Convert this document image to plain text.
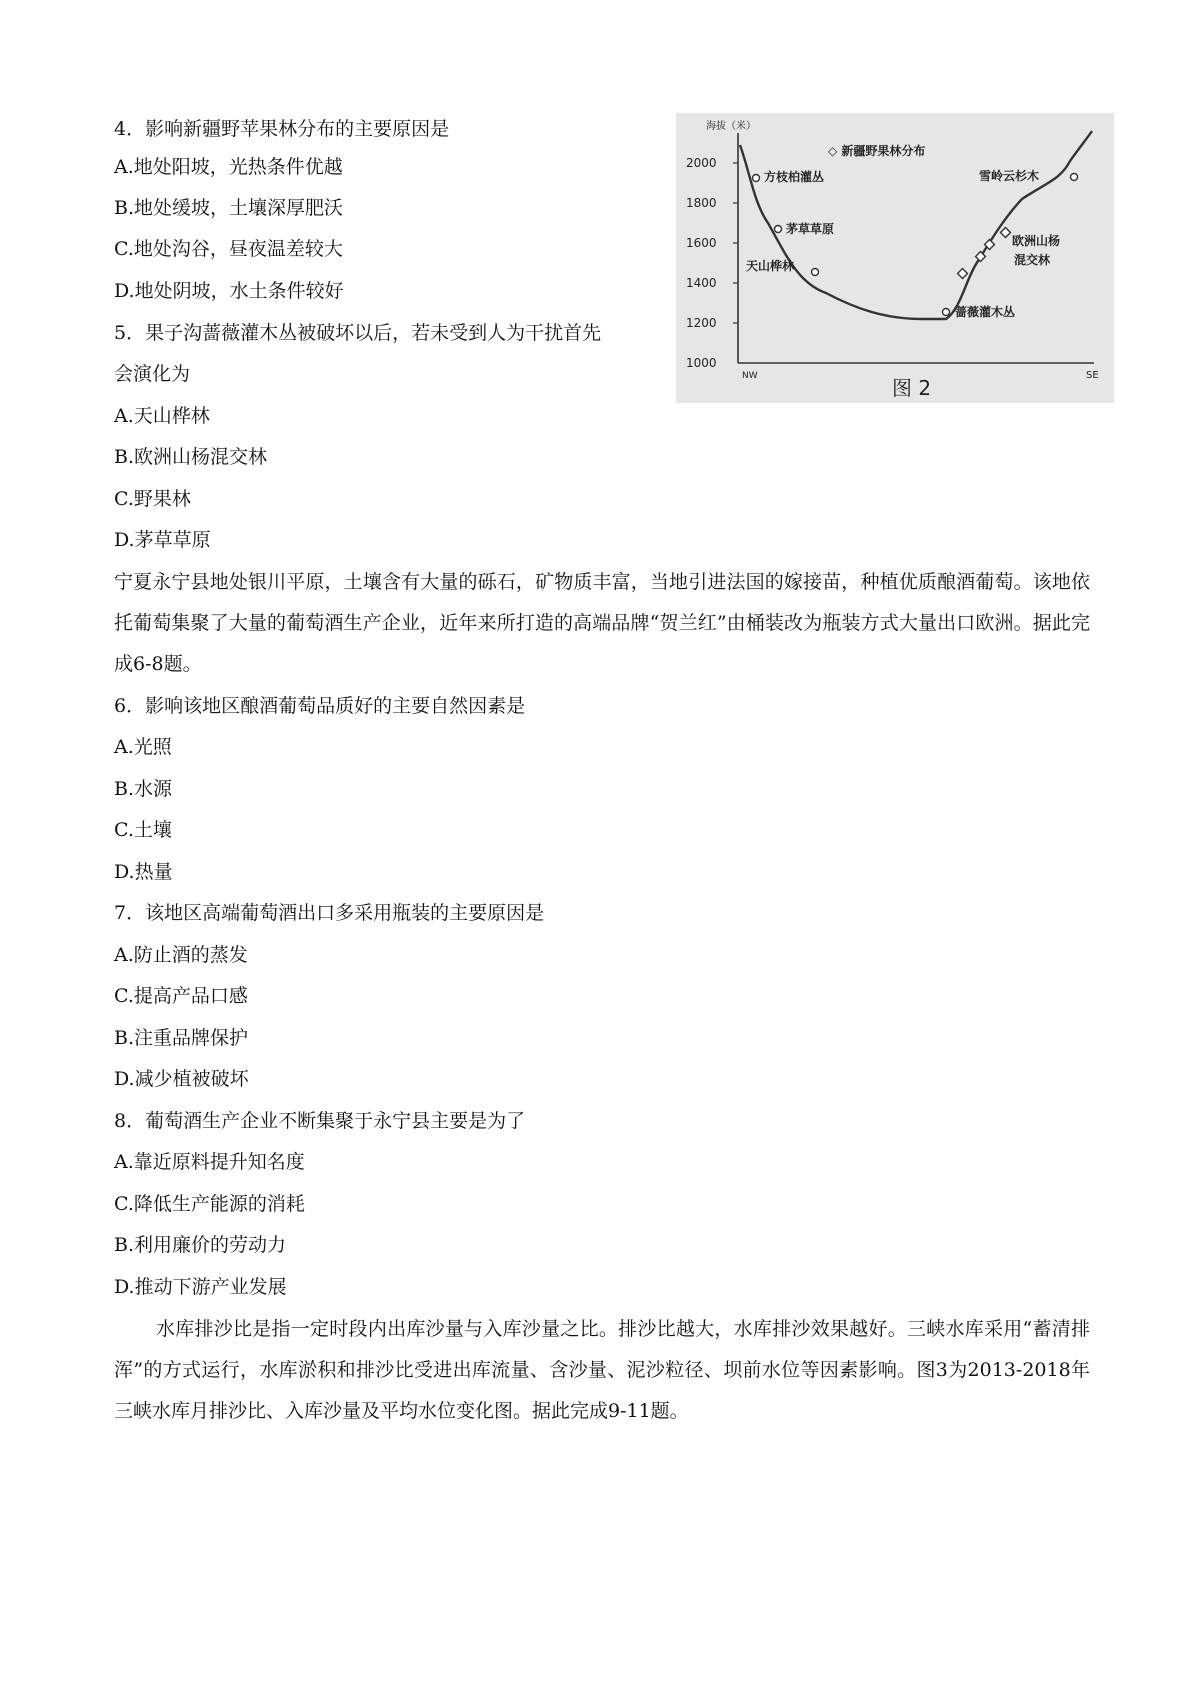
4．影响新疆野苹果林分布的主要原因是
A.地处阳坡，光热条件优越
B.地处缓坡，土壤深厚肥沃
C.地处沟谷，昼夜温差较大
D.地处阴坡，水土条件较好
5．果子沟蔷薇灌木丛被破坏以后，若未受到人为干扰首先
会演化为
A.天山桦林
B.欧洲山杨混交林
C.野果林
D.茅草草原
宁夏永宁县地处银川平原，土壤含有大量的砾石，矿物质丰富，当地引进法国的嫁接苗，种植优质酿酒葡萄。该地依托葡萄集聚了大量的葡萄酒生产企业，近年来所打造的高端品牌“贺兰红”由桶装改为瓶装方式大量出口欧洲。据此完成6-8题。
6．影响该地区酿酒葡萄品质好的主要自然因素是
A.光照
B.水源
C.土壤
D.热量
7．该地区高端葡萄酒出口多采用瓶装的主要原因是
A.防止酒的蒸发
C.提高产品口感
B.注重品牌保护
D.减少植被破坏
8．葡萄酒生产企业不断集聚于永宁县主要是为了
A.靠近原料提升知名度
C.降低生产能源的消耗
B.利用廉价的劳动力
D.推动下游产业发展
水库排沙比是指一定时段内出库沙量与入库沙量之比。排沙比越大，水库排沙效果越好。三峡水库采用“蓄清排浑”的方式运行，水库淤积和排沙比受进出库流量、含沙量、泥沙粒径、坝前水位等因素影响。图3为2013-2018年三峡水库月排沙比、入库沙量及平均水位变化图。据此完成9-11题。
海拔（米）
2000
1800
1600
1400
1200
1000
NW	SE
◇ 新疆野果林分布
方枝柏灌丛
茅草草原
天山桦林
蔷薇灌木丛
欧洲山杨
混交林
雪岭云杉木
图 2
